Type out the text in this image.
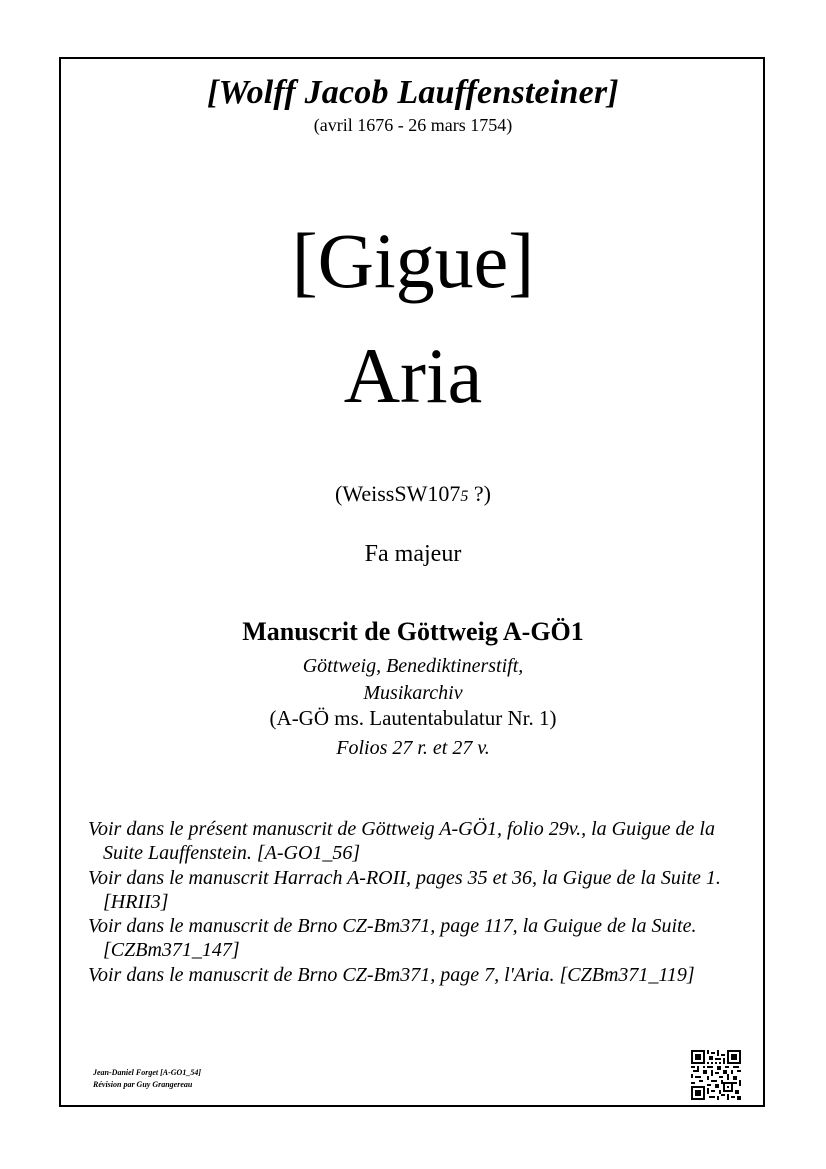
[Wolff Jacob Lauffensteiner]
(avril 1676 - 26 mars 1754)
[Gigue]
Aria
(WeissSW1075 ?)
Fa majeur
Manuscrit de Göttweig A-GÖ1
Göttweig, Benediktinerstift,
Musikarchiv
(A-GÖ ms. Lautentabulatur Nr. 1)
Folios 27 r. et 27 v.
Voir dans le présent manuscrit de Göttweig A-GÖ1, folio 29v., la Guigue de la Suite Lauffenstein. [A-GO1_56]
Voir dans le manuscrit Harrach A-ROII, pages 35 et 36, la Gigue de la Suite 1. [HRII3]
Voir dans le manuscrit de Brno CZ-Bm371, page 117, la Guigue de la Suite. [CZBm371_147]
Voir dans le manuscrit de Brno CZ-Bm371, page 7, l'Aria. [CZBm371_119]
Jean-Daniel Forget [A-GO1_54]
Révision par Guy Grangereau
